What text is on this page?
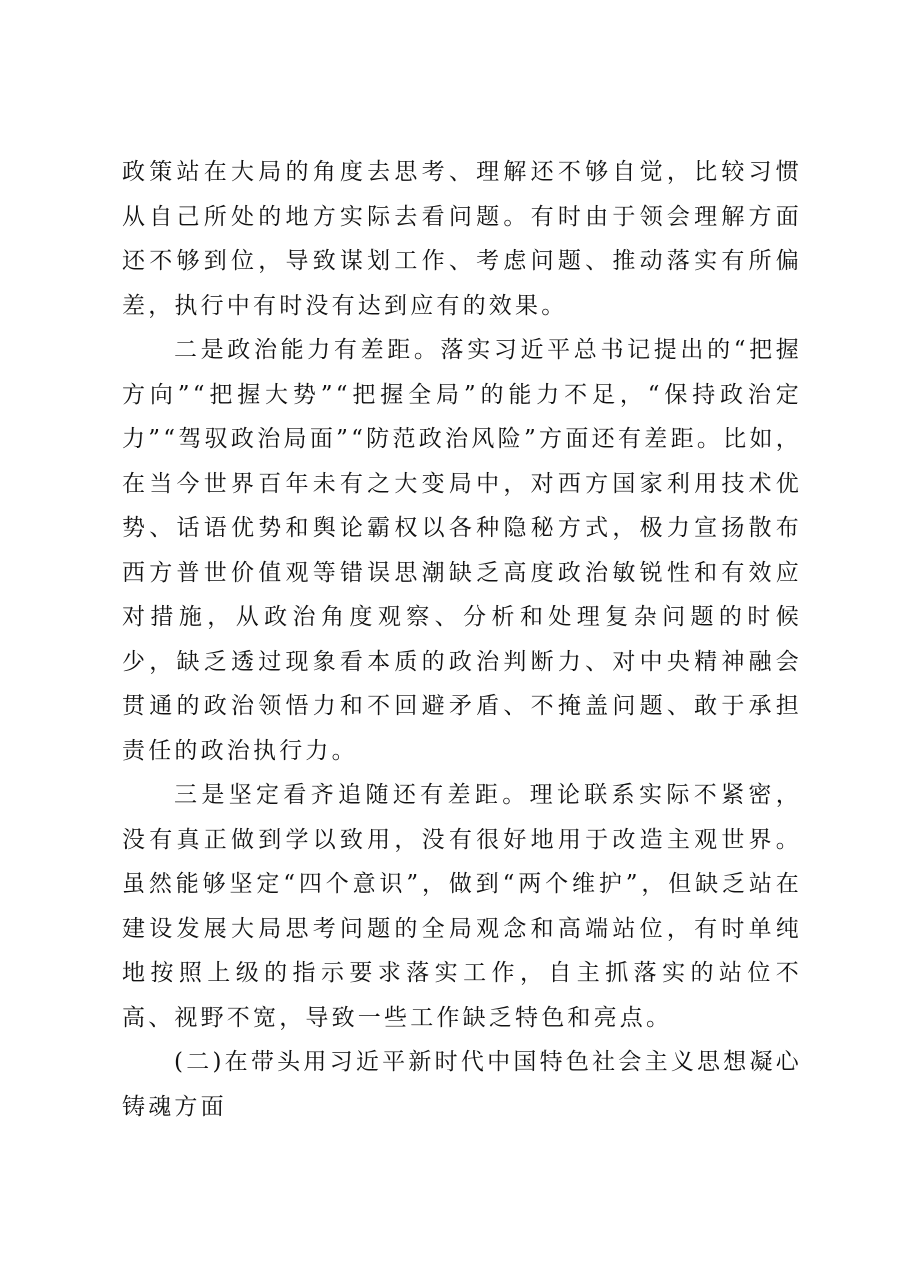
政策站在大局的角度去思考、理解还不够自觉，比较习惯从自己所处的地方实际去看问题。有时由于领会理解方面还不够到位，导致谋划工作、考虑问题、推动落实有所偏差，执行中有时没有达到应有的效果。

二是政治能力有差距。落实习近平总书记提出的“把握方向”“把握大势”“把握全局”的能力不足，“保持政治定力”“驾驭政治局面”“防范政治风险”方面还有差距。比如，在当今世界百年未有之大变局中，对西方国家利用技术优势、话语优势和舆论霸权以各种隐秘方式，极力宣扬散布西方普世价值观等错误思潮缺乏高度政治敏锐性和有效应对措施，从政治角度观察、分析和处理复杂问题的时候少，缺乏透过现象看本质的政治判断力、对中央精神融会贯通的政治领悟力和不回避矛盾、不掩盖问题、敢于承担责任的政治执行力。

三是坚定看齐追随还有差距。理论联系实际不紧密，没有真正做到学以致用，没有很好地用于改造主观世界。虽然能够坚定“四个意识”，做到“两个维护”，但缺乏站在建设发展大局思考问题的全局观念和高端站位，有时单纯地按照上级的指示要求落实工作，自主抓落实的站位不高、视野不宽，导致一些工作缺乏特色和亮点。

(二)在带头用习近平新时代中国特色社会主义思想凝心铸魂方面
